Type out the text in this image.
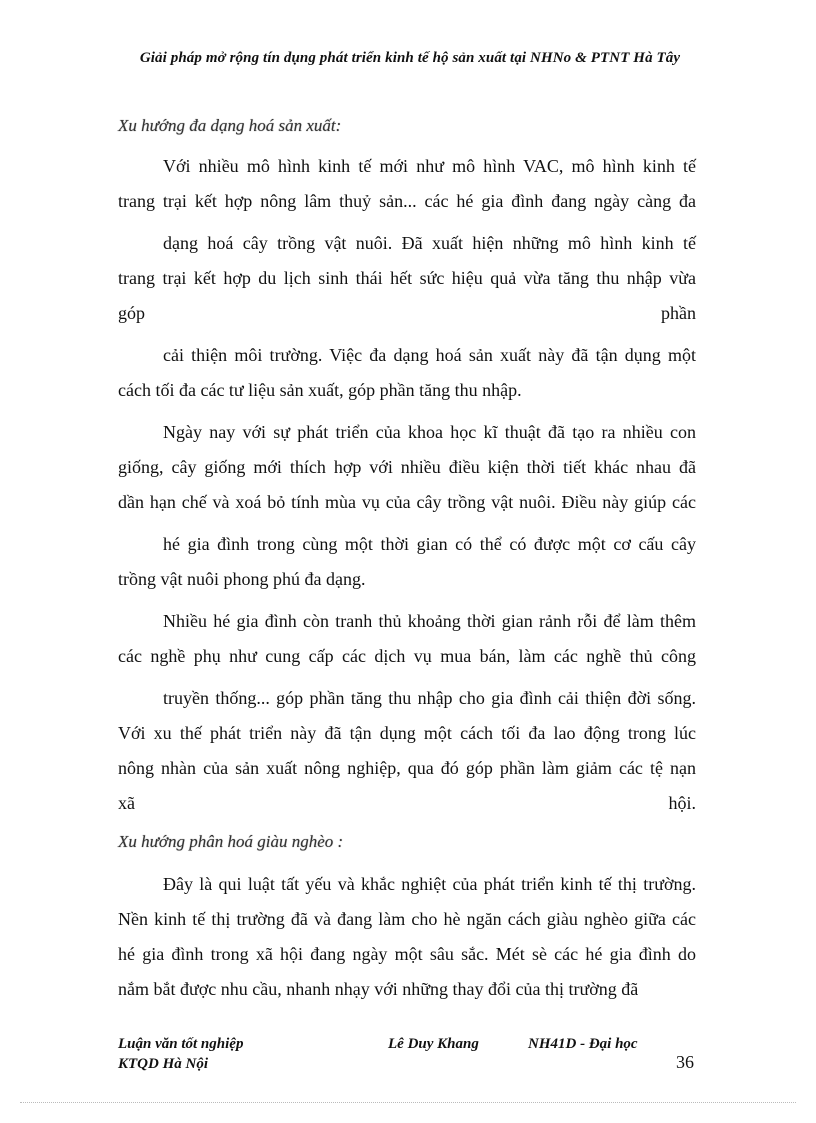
Giải pháp mở rộng tín dụng phát triển kinh tế hộ sản xuất tại NHNo & PTNT Hà Tây
Xu hướng đa dạng hoá sản xuất:
Với nhiều mô hình kinh tế mới như mô hình VAC, mô hình kinh tế
trang trại kết hợp nông lâm thuỷ sản... các hé gia đình đang ngày càng đa
dạng hoá cây trồng vật nuôi. Đã xuất hiện những mô hình kinh tế
trang trại kết hợp du lịch sinh thái hết sức hiệu quả vừa tăng thu nhập vừa
góp	phần
cải thiện môi trường. Việc đa dạng hoá sản xuất này đã tận dụng một
cách tối đa các tư liệu sản xuất, góp phần tăng thu nhập.
Ngày nay với sự phát triển của khoa học kĩ thuật đã tạo ra nhiều con
giống, cây giống mới thích hợp với nhiều điều kiện thời tiết khác nhau đã
dần hạn chế và xoá bỏ tính mùa vụ của cây trồng vật nuôi. Điều này giúp các
hé gia đình trong cùng một thời gian có thể có được một cơ cấu cây
trồng vật nuôi phong phú đa dạng.
Nhiều hé gia đình còn tranh thủ khoảng thời gian rảnh rỗi để làm thêm
các nghề phụ như cung cấp các dịch vụ mua bán, làm các nghề thủ công
truyền thống... góp phần tăng thu nhập cho gia đình cải thiện đời sống.
Với xu thế phát triển này đã tận dụng một cách tối đa lao động trong lúc
nông nhàn của sản xuất nông nghiệp, qua đó góp phần làm giảm các tệ nạn
xã	hội.
Xu hướng phân hoá giàu nghèo :
Đây là qui luật tất yếu và khắc nghiệt của phát triển kinh tế thị trường.
Nền kinh tế thị trường đã và đang làm cho hè ngăn cách giàu nghèo giữa các
hé gia đình trong xã hội đang ngày một sâu sắc. Mét sè các hé gia đình do
nắm bắt được nhu cầu, nhanh nhạy với những thay đổi của thị trường đã
Luận văn tốt nghiệp
KTQD Hà Nội
Lê Duy Khang	NH41D - Đại học
36
